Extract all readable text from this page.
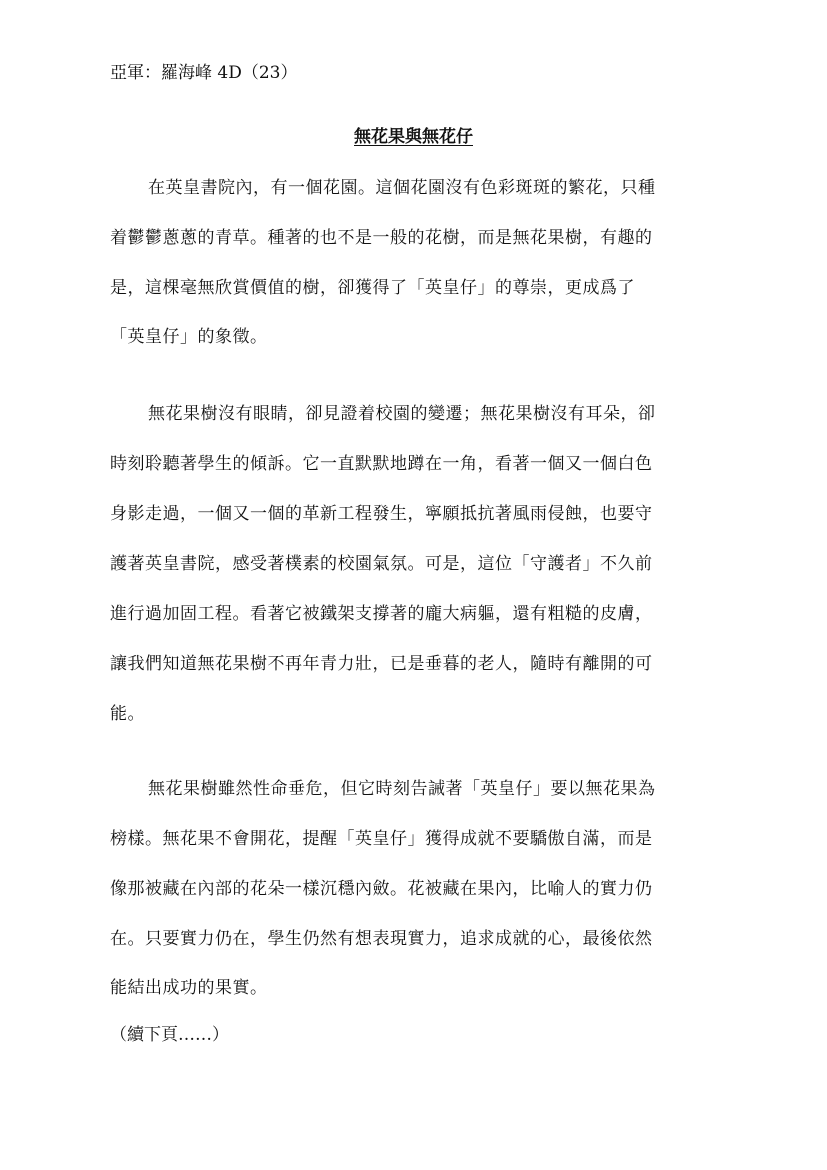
亞軍：羅海峰 4D（23）
無花果與無花仔
在英皇書院內，有一個花園。這個花園沒有色彩斑斑的繁花，只種
着鬱鬱蔥蔥的青草。種著的也不是一般的花樹，而是無花果樹，有趣的
是，這棵毫無欣賞價值的樹，卻獲得了「英皇仔」的尊崇，更成爲了
「英皇仔」的象徵。
無花果樹沒有眼睛，卻見證着校園的變遷；無花果樹沒有耳朵，卻
時刻聆聽著學生的傾訴。它一直默默地蹲在一角，看著一個又一個白色
身影走過，一個又一個的革新工程發生，寧願抵抗著風雨侵蝕，也要守
護著英皇書院，感受著樸素的校園氣氛。可是，這位「守護者」不久前
進行過加固工程。看著它被鐵架支撐著的龐大病軀，還有粗糙的皮膚，
讓我們知道無花果樹不再年青力壯，已是垂暮的老人，隨時有離開的可
能。
無花果樹雖然性命垂危，但它時刻告誡著「英皇仔」要以無花果為
榜樣。無花果不會開花，提醒「英皇仔」獲得成就不要驕傲自滿，而是
像那被藏在內部的花朵一樣沉穩內斂。花被藏在果內，比喻人的實力仍
在。只要實力仍在，學生仍然有想表現實力，追求成就的心，最後依然
能結出成功的果實。
（續下頁……）
